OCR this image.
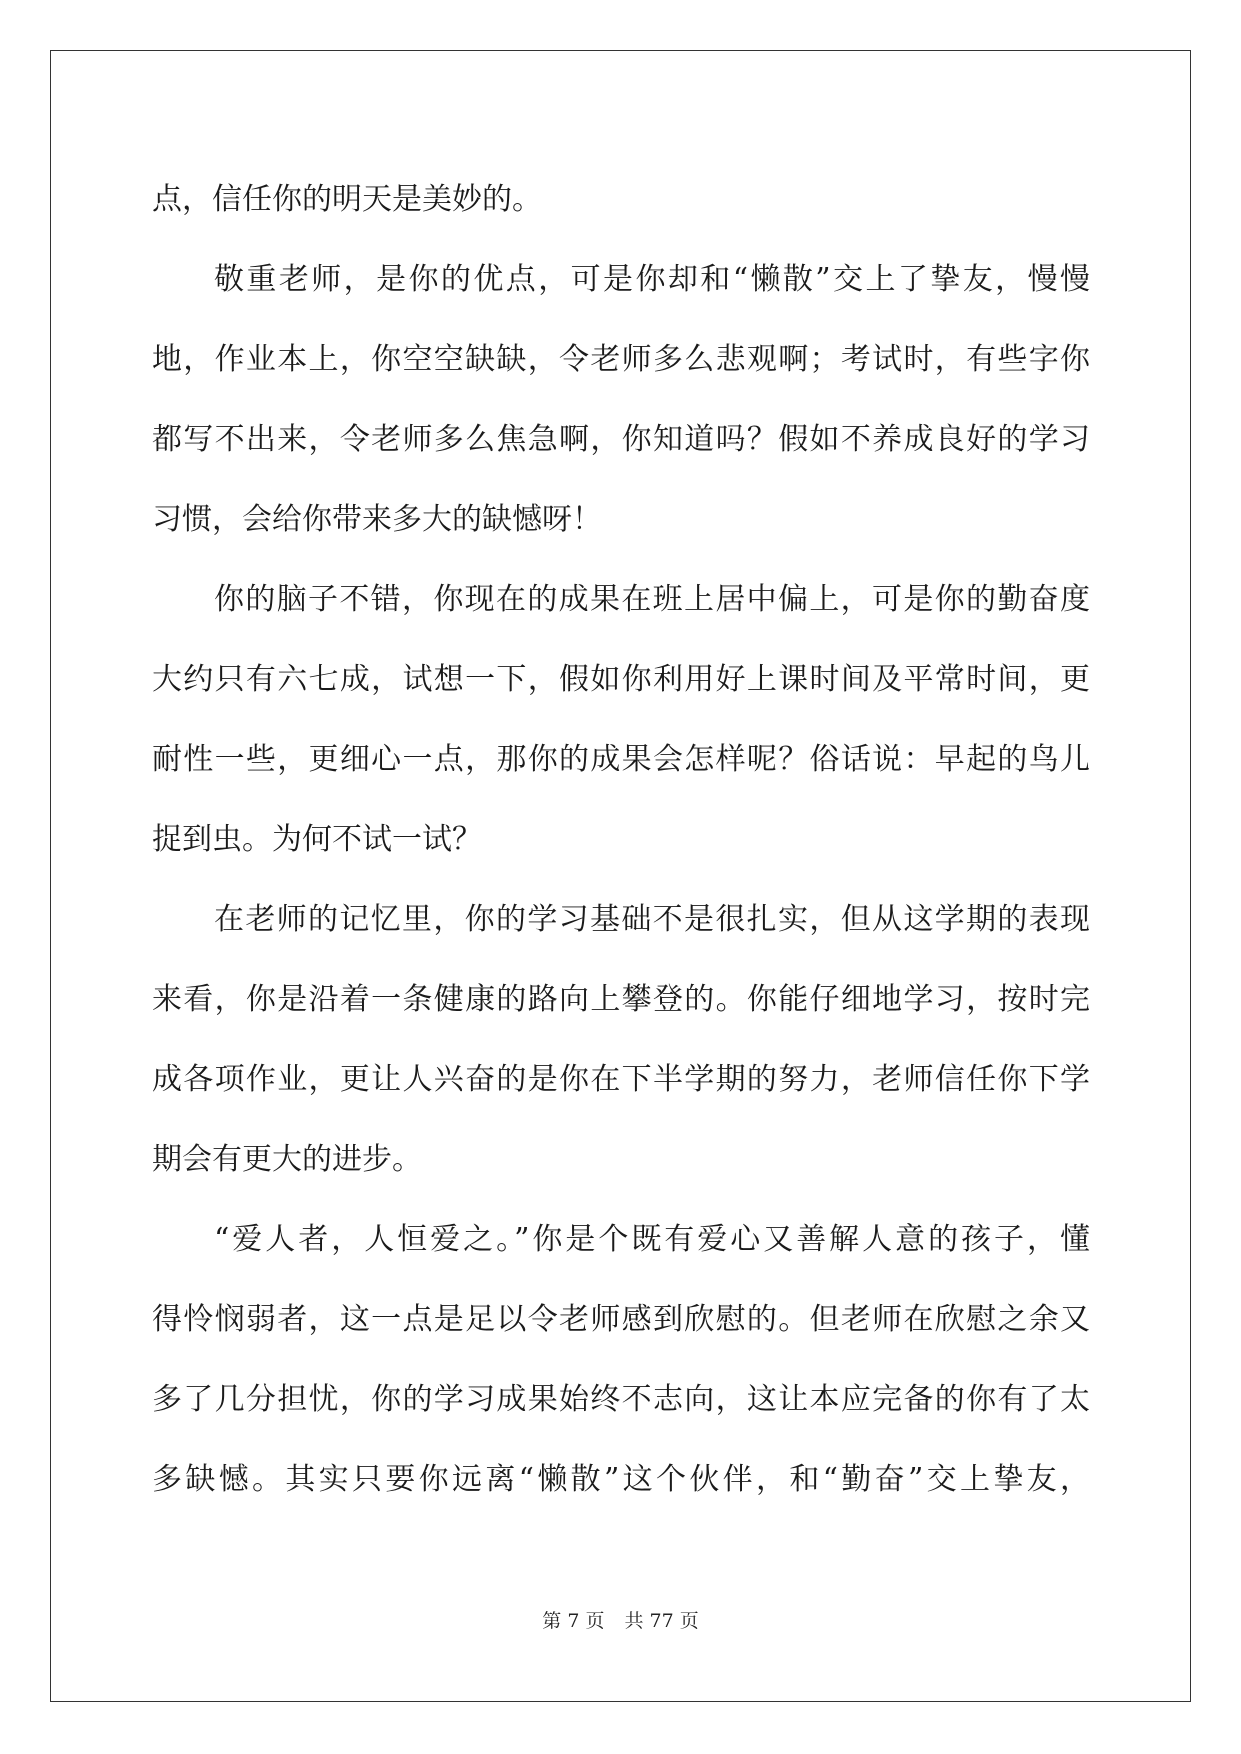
点，信任你的明天是美妙的。
敬重老师，是你的优点，可是你却和“懒散”交上了挚友，慢慢
地，作业本上，你空空缺缺，令老师多么悲观啊；考试时，有些字你
都写不出来，令老师多么焦急啊，你知道吗？假如不养成良好的学习
习惯，会给你带来多大的缺憾呀！
你的脑子不错，你现在的成果在班上居中偏上，可是你的勤奋度
大约只有六七成，试想一下，假如你利用好上课时间及平常时间，更
耐性一些，更细心一点，那你的成果会怎样呢？俗话说：早起的鸟儿
捉到虫。为何不试一试？
在老师的记忆里，你的学习基础不是很扎实，但从这学期的表现
来看，你是沿着一条健康的路向上攀登的。你能仔细地学习，按时完
成各项作业，更让人兴奋的是你在下半学期的努力，老师信任你下学
期会有更大的进步。
“爱人者，人恒爱之。”你是个既有爱心又善解人意的孩子，懂
得怜悯弱者，这一点是足以令老师感到欣慰的。但老师在欣慰之余又
多了几分担忧，你的学习成果始终不志向，这让本应完备的你有了太
多缺憾。其实只要你远离“懒散”这个伙伴，和“勤奋”交上挚友，
第 7 页 共 77 页
